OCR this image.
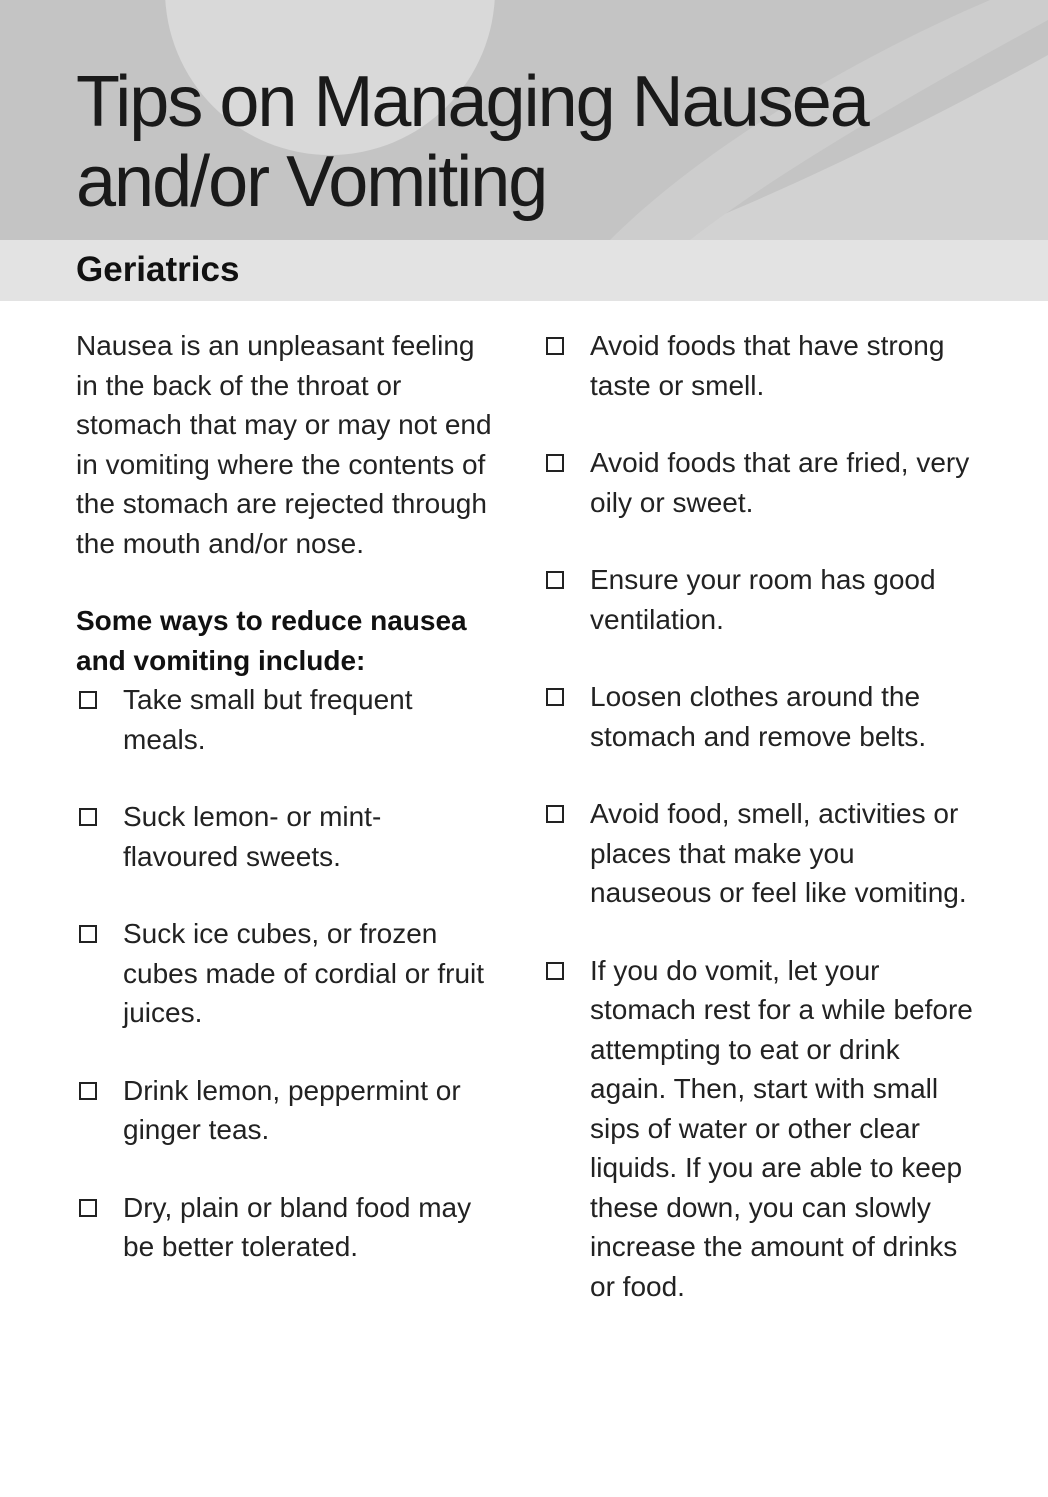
Tips on Managing Nausea
and/or Vomiting
Geriatrics

Nausea is an unpleasant feeling in the back of the throat or stomach that may or may not end in vomiting where the contents of the stomach are rejected through the mouth and/or nose.

Some ways to reduce nausea and vomiting include:

Take small but frequent meals.
Suck lemon- or mint-flavoured sweets.
Suck ice cubes, or frozen cubes made of cordial or fruit juices.
Drink lemon, peppermint or ginger teas.
Dry, plain or bland food may be better tolerated.
Avoid foods that have strong taste or smell.
Avoid foods that are fried, very oily or sweet.
Ensure your room has good ventilation.
Loosen clothes around the stomach and remove belts.
Avoid food, smell, activities or places that make you nauseous or feel like vomiting.
If you do vomit, let your stomach rest for a while before attempting to eat or drink again. Then, start with small sips of water or other clear liquids. If you are able to keep these down, you can slowly increase the amount of drinks or food.
